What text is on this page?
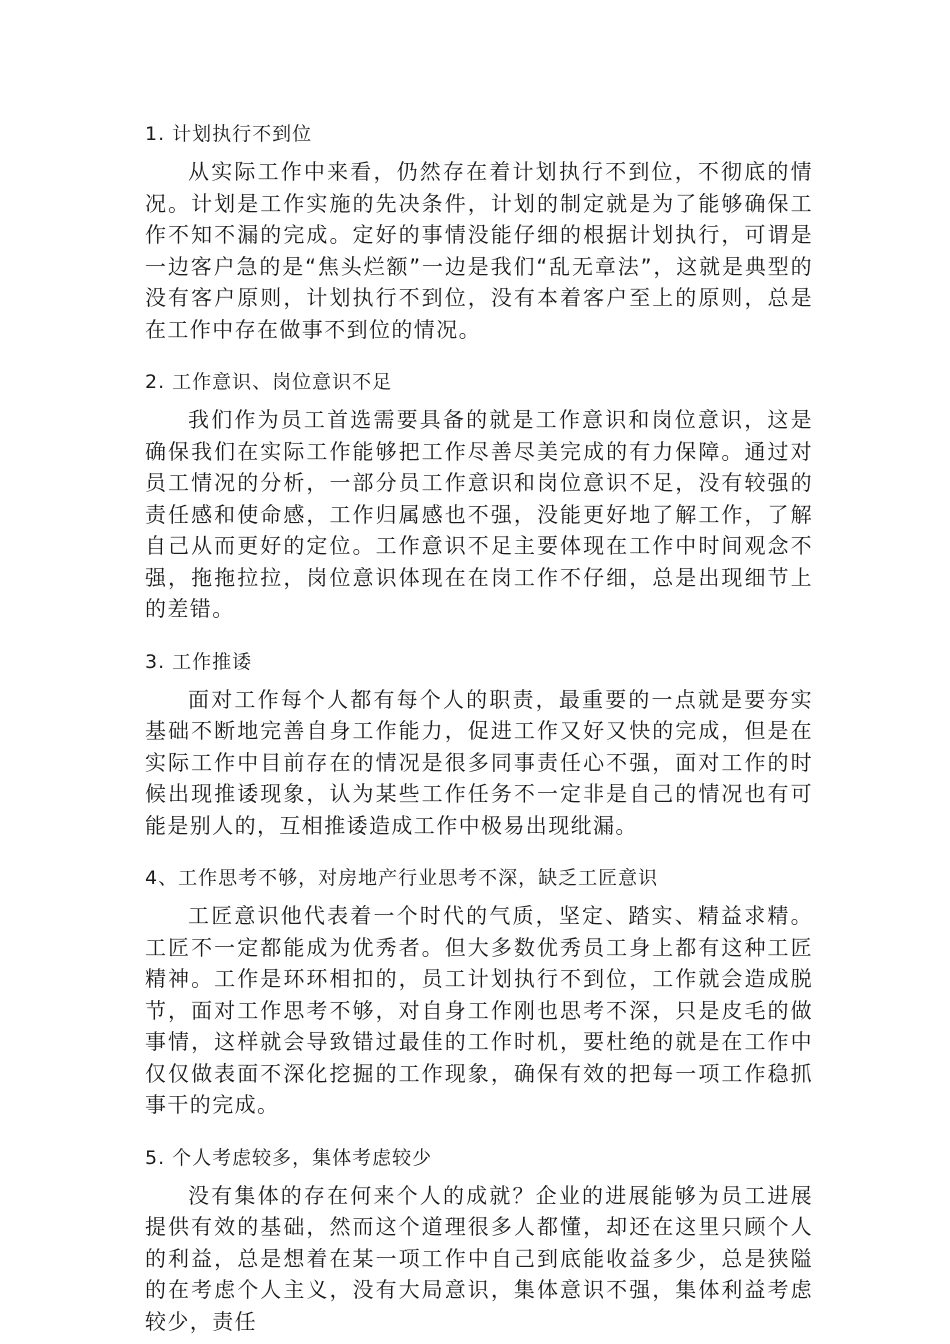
1. 计划执行不到位

从实际工作中来看，仍然存在着计划执行不到位，不彻底的情况。计划是工作实施的先决条件，计划的制定就是为了能够确保工作不知不漏的完成。定好的事情没能仔细的根据计划执行，可谓是一边客户急的是“焦头烂额”一边是我们“乱无章法”，这就是典型的没有客户原则，计划执行不到位，没有本着客户至上的原则，总是在工作中存在做事不到位的情况。

2. 工作意识、岗位意识不足

我们作为员工首选需要具备的就是工作意识和岗位意识，这是确保我们在实际工作能够把工作尽善尽美完成的有力保障。通过对员工情况的分析，一部分员工作意识和岗位意识不足，没有较强的责任感和使命感，工作归属感也不强，没能更好地了解工作，了解自己从而更好的定位。工作意识不足主要体现在工作中时间观念不强，拖拖拉拉，岗位意识体现在在岗工作不仔细，总是出现细节上的差错。

3. 工作推诿

面对工作每个人都有每个人的职责，最重要的一点就是要夯实基础不断地完善自身工作能力，促进工作又好又快的完成，但是在实际工作中目前存在的情况是很多同事责任心不强，面对工作的时候出现推诿现象，认为某些工作任务不一定非是自己的情况也有可能是别人的，互相推诿造成工作中极易出现纰漏。

4、工作思考不够，对房地产行业思考不深，缺乏工匠意识

工匠意识他代表着一个时代的气质，坚定、踏实、精益求精。工匠不一定都能成为优秀者。但大多数优秀员工身上都有这种工匠精神。工作是环环相扣的，员工计划执行不到位，工作就会造成脱节，面对工作思考不够，对自身工作刚也思考不深，只是皮毛的做事情，这样就会导致错过最佳的工作时机，要杜绝的就是在工作中仅仅做表面不深化挖掘的工作现象，确保有效的把每一项工作稳抓事干的完成。

5. 个人考虑较多，集体考虑较少

没有集体的存在何来个人的成就？企业的进展能够为员工进展提供有效的基础，然而这个道理很多人都懂，却还在这里只顾个人的利益，总是想着在某一项工作中自己到底能收益多少，总是狭隘的在考虑个人主义，没有大局意识，集体意识不强，集体利益考虑较少，责任
